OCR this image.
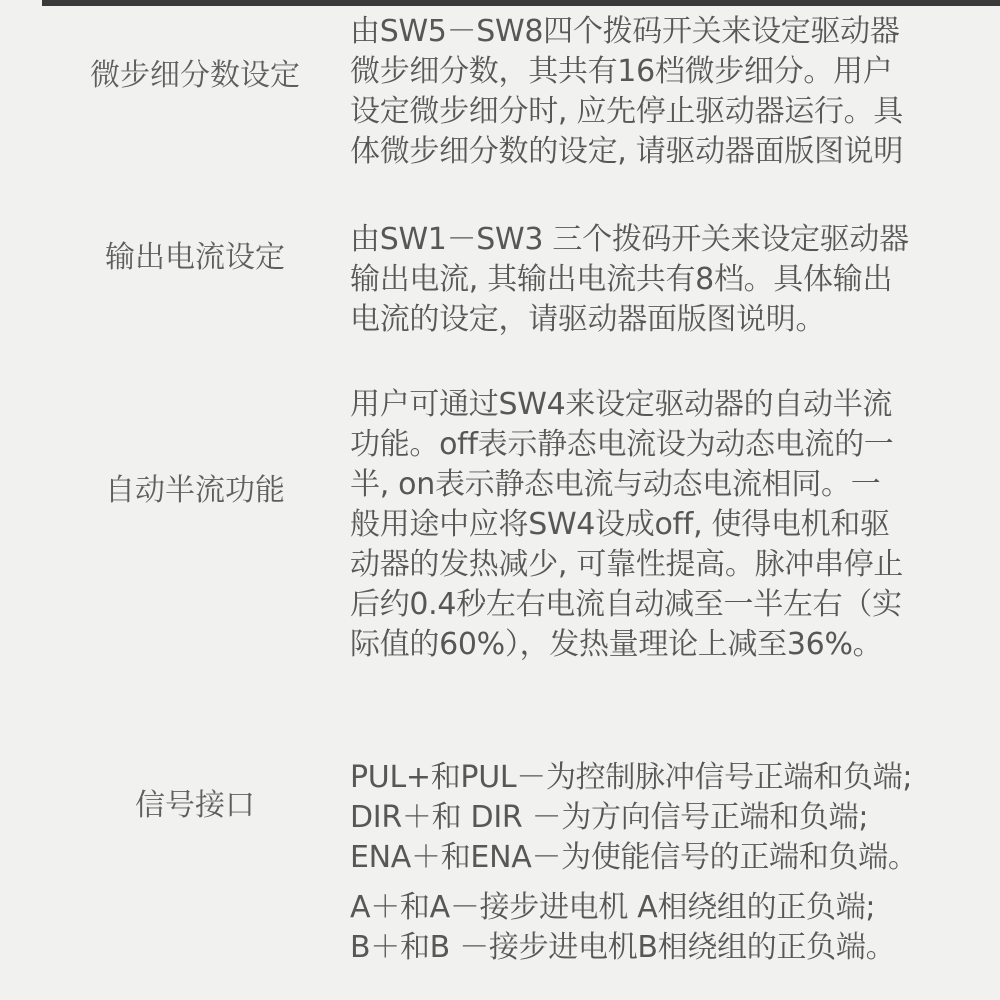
微步细分数设定
由SW5－SW8四个拨码开关来设定驱动器
微步细分数，其共有16档微步细分。用户
设定微步细分时, 应先停止驱动器运行。具
体微步细分数的设定, 请驱动器面版图说明
输出电流设定
由SW1－SW3 三个拨码开关来设定驱动器
输出电流, 其输出电流共有8档。具体输出
电流的设定，请驱动器面版图说明。
自动半流功能
用户可通过SW4来设定驱动器的自动半流
功能。off表示静态电流设为动态电流的一
半, on表示静态电流与动态电流相同。一
般用途中应将SW4设成off, 使得电机和驱
动器的发热减少, 可靠性提高。脉冲串停止
后约0.4秒左右电流自动减至一半左右（实
际值的60%），发热量理论上减至36%。
信号接口
PUL+和PUL－为控制脉冲信号正端和负端;
DIR＋和 DIR －为方向信号正端和负端;
ENA＋和ENA－为使能信号的正端和负端。
A＋和A－接步进电机 A相绕组的正负端;
B＋和B －接步进电机B相绕组的正负端。
